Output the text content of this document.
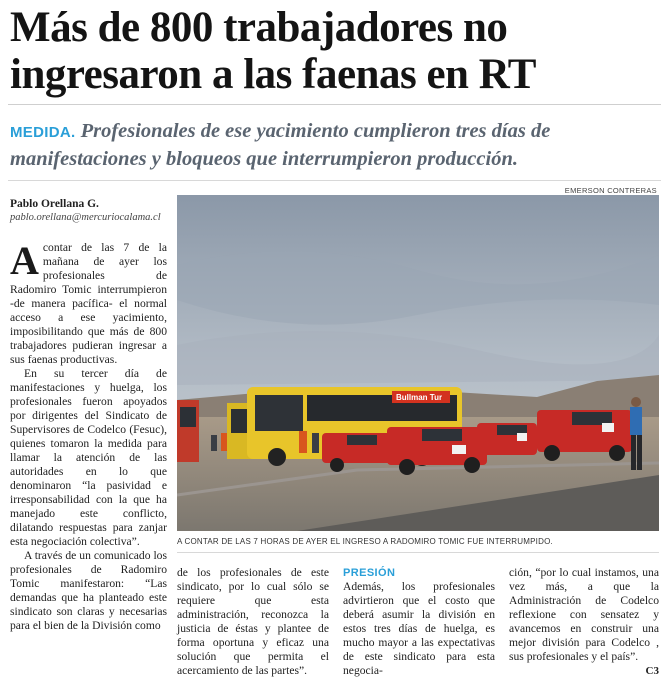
Más de 800 trabajadores no ingresaron a las faenas en RT
MEDIDA. Profesionales de ese yacimiento cumplieron tres días de manifestaciones y bloqueos que interrumpieron producción.
Pablo Orellana G.
pablo.orellana@mercuriocalama.cl
EMERSON CONTRERAS
Bullman Tur
A CONTAR DE LAS 7 HORAS DE AYER EL INGRESO A RADOMIRO TOMIC FUE INTERRUMPIDO.

Acontar de las 7 de la mañana de ayer los profesionales de Radomiro Tomic interrumpieron -de manera pacífica- el normal acceso a ese yacimiento, imposibilitando que más de 800 trabajadores pudieran ingresar a sus faenas productivas.

En su tercer día de manifestaciones y huelga, los profesionales fueron apoyados por dirigentes del Sindicato de Supervisores de Codelco (Fesuc), quienes tomaron la medida para llamar la atención de las autoridades en lo que denominaron “la pasividad e irresponsabilidad con la que ha manejado este conflicto, dilatando respuestas para zanjar esta negociación colectiva”.

A través de un comunicado los profesionales de Radomiro Tomic manifestaron: “Las demandas que ha planteado este sindicato son claras y necesarias para el bien de la División como

de los profesionales de este sindicato, por lo cual sólo se requiere que esta administración, reconozca la justicia de éstas y plantee de forma oportuna y eficaz una solución que permita el acercamiento de las partes”.

PRESIÓN

Además, los profesionales advirtieron que el costo que deberá asumir la división en estos tres días de huelga, es mucho mayor a las expectativas de este sindicato para esta negocia-

ción, “por lo cual instamos, una vez más, a que la Administración de Codelco reflexione con sensatez y avancemos en construir una mejor división para Codelco , sus profesionales y el país”.

C3
